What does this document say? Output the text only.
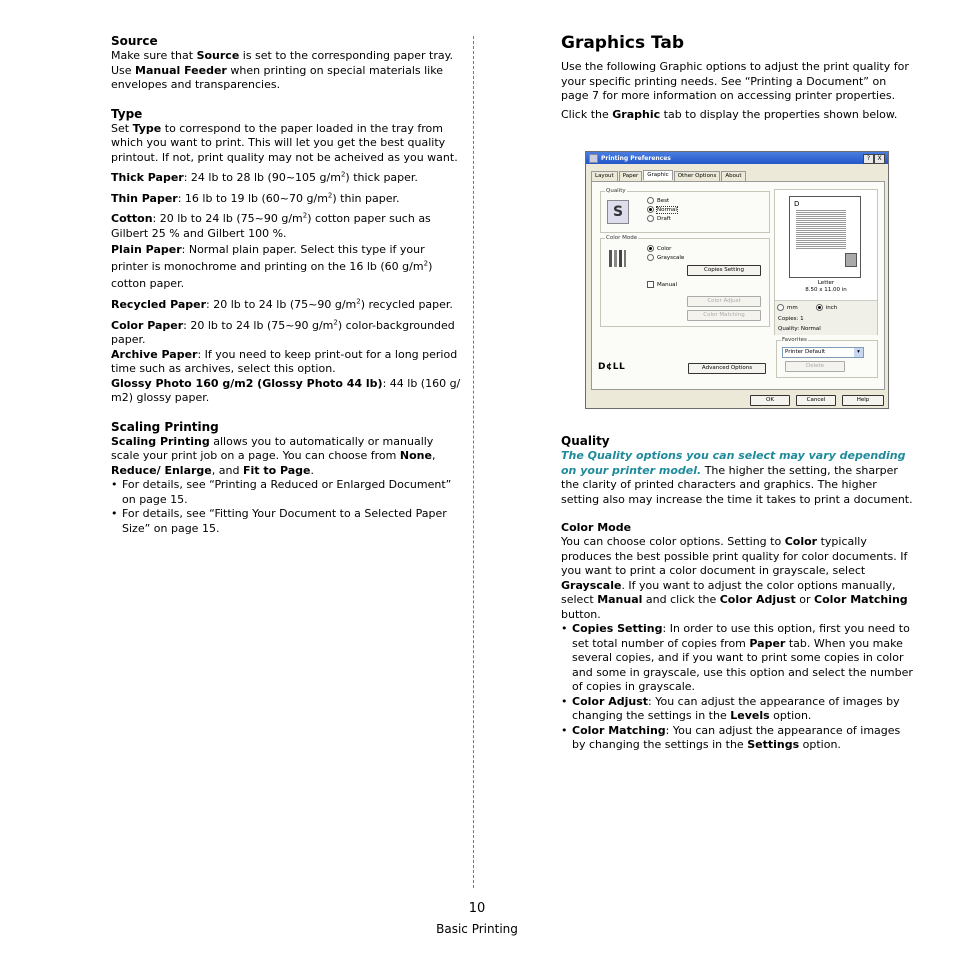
Source

Make sure that Source is set to the corresponding paper tray. Use Manual Feeder when printing on special materials like envelopes and transparencies.

Type

Set Type to correspond to the paper loaded in the tray from which you want to print. This will let you get the best quality printout. If not, print quality may not be acheived as you want.

Thick Paper: 24 lb to 28 lb (90~105 $g/m^2$) thick paper.

Thin Paper: 16 lb to 19 lb (60~70 $g/m^2$) thin paper.

Cotton: 20 lb to 24 lb (75~90 $g/m^2$) cotton paper such as Gilbert 25 % and Gilbert 100 %.

Plain Paper: Normal plain paper. Select this type if your printer is monochrome and printing on the 16 lb (60 $g/m^2$) cotton paper.

Recycled Paper: 20 lb to 24 lb (75~90 $g/m^2$) recycled paper.

Color Paper: 20 lb to 24 lb (75~90 $g/m^2$) color-backgrounded paper.

Archive Paper: If you need to keep print-out for a long period time such as archives, select this option.

Glossy Photo 160 g/m2 (Glossy Photo 44 lb): 44 lb (160 g/ m2) glossy paper.

Scaling Printing

Scaling Printing allows you to automatically or manually scale your print job on a page. You can choose from None, Reduce/ Enlarge, and Fit to Page.

• For details, see “Printing a Reduced or Enlarged Document” on page 15.
• For details, see “Fitting Your Document to a Selected Paper Size” on page 15.
Graphics Tab

Use the following Graphic options to adjust the print quality for your specific printing needs. See “Printing a Document” on page 7 for more information on accessing printer properties.

Click the Graphic tab to display the properties shown below.

Printing Preferences	?	X
Layout	Paper	Graphic	Other Options	About
Quality
S
Best
Normal
Draft
Color Mode
Color
Grayscale
Copies Setting
Manual
Color Adjust
Color Matching
D
Letter
8.50 x 11.00 in
mm	inch
Copies: 1
Quality: Normal
Favorites
Printer Default	▾
Delete
Advanced Options
D¢LL
OK	Cancel	Help
Quality

The Quality options you can select may vary depending on your printer model. The higher the setting, the sharper the clarity of printed characters and graphics. The higher setting also may increase the time it takes to print a document.

Color Mode

You can choose color options. Setting to Color typically produces the best possible print quality for color documents. If you want to print a color document in grayscale, select Grayscale. If you want to adjust the color options manually, select Manual and click the Color Adjust or Color Matching button.

• Copies Setting: In order to use this option, first you need to set total number of copies from Paper tab. When you make several copies, and if you want to print some copies in color and some in grayscale, use this option and select the number of copies in grayscale.
• Color Adjust: You can adjust the appearance of images by changing the settings in the Levels option.
• Color Matching: You can adjust the appearance of images by changing the settings in the Settings option.
10
Basic Printing
